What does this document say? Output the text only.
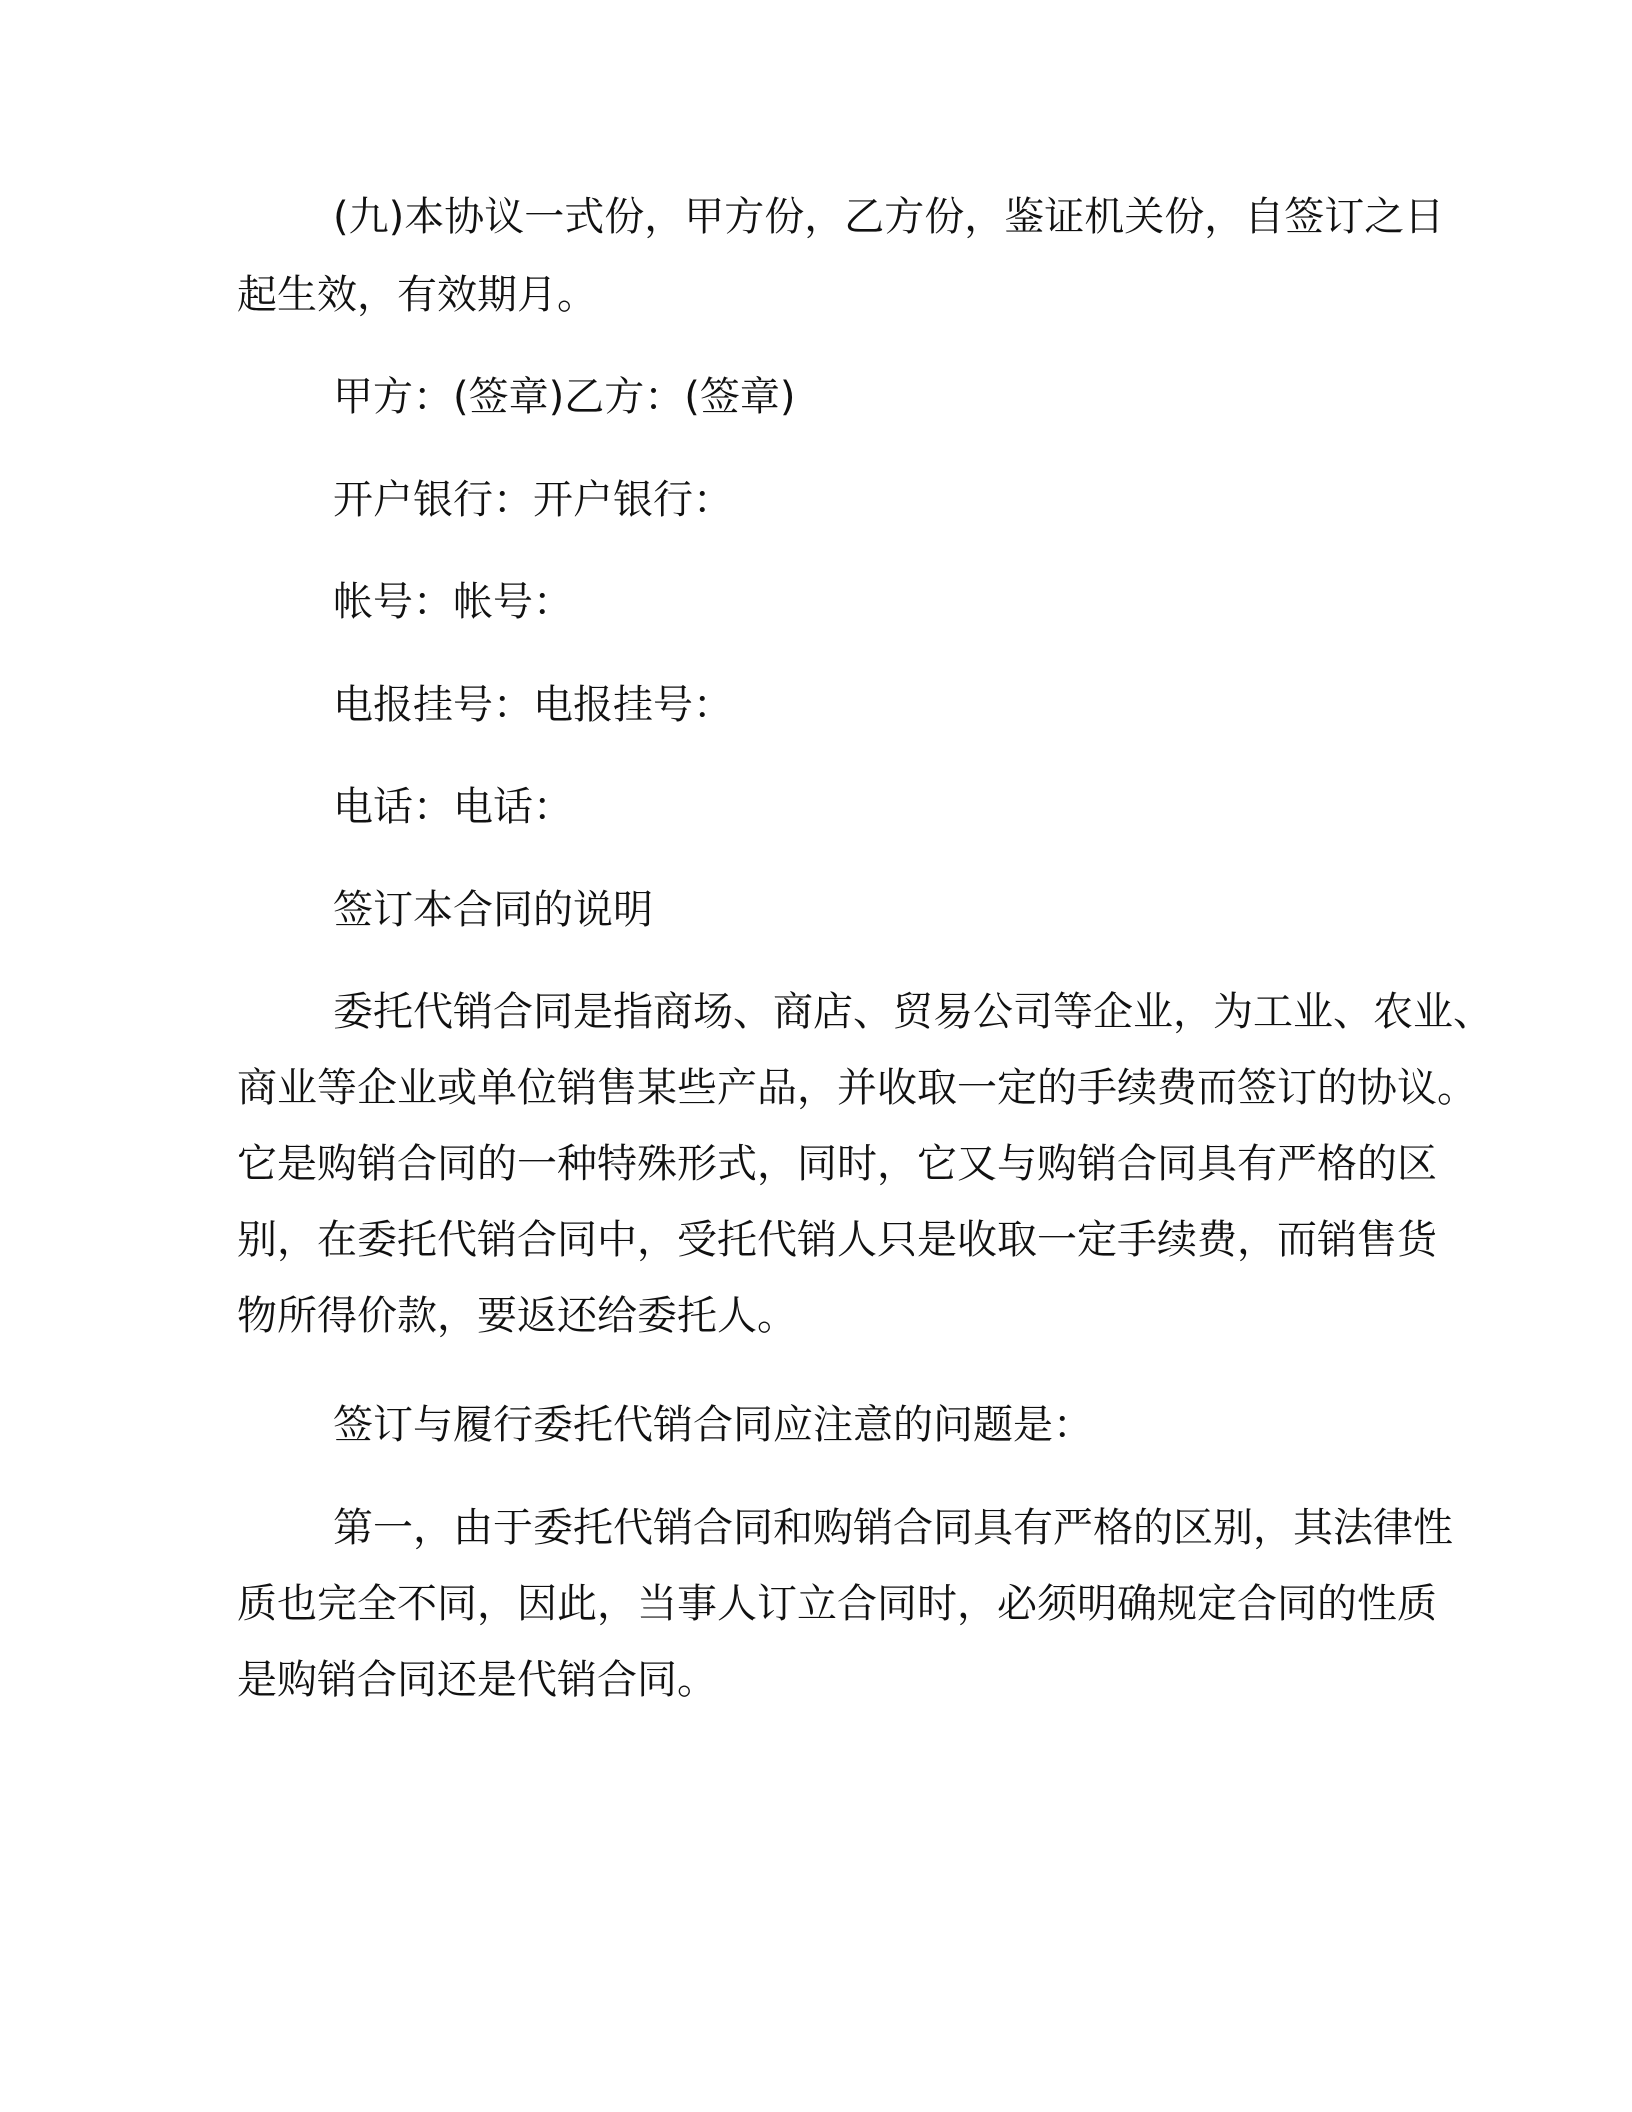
(九)本协议一式份，甲方份，乙方份，鉴证机关份，自签订之日
起生效，有效期月。
甲方：(签章)乙方：(签章)
开户银行：开户银行：
帐号：帐号：
电报挂号：电报挂号：
电话：电话：
签订本合同的说明
委托代销合同是指商场、商店、贸易公司等企业，为工业、农业、
商业等企业或单位销售某些产品，并收取一定的手续费而签订的协议。
它是购销合同的一种特殊形式，同时，它又与购销合同具有严格的区
别，在委托代销合同中，受托代销人只是收取一定手续费，而销售货
物所得价款，要返还给委托人。
签订与履行委托代销合同应注意的问题是：
第一，由于委托代销合同和购销合同具有严格的区别，其法律性
质也完全不同，因此，当事人订立合同时，必须明确规定合同的性质
是购销合同还是代销合同。
